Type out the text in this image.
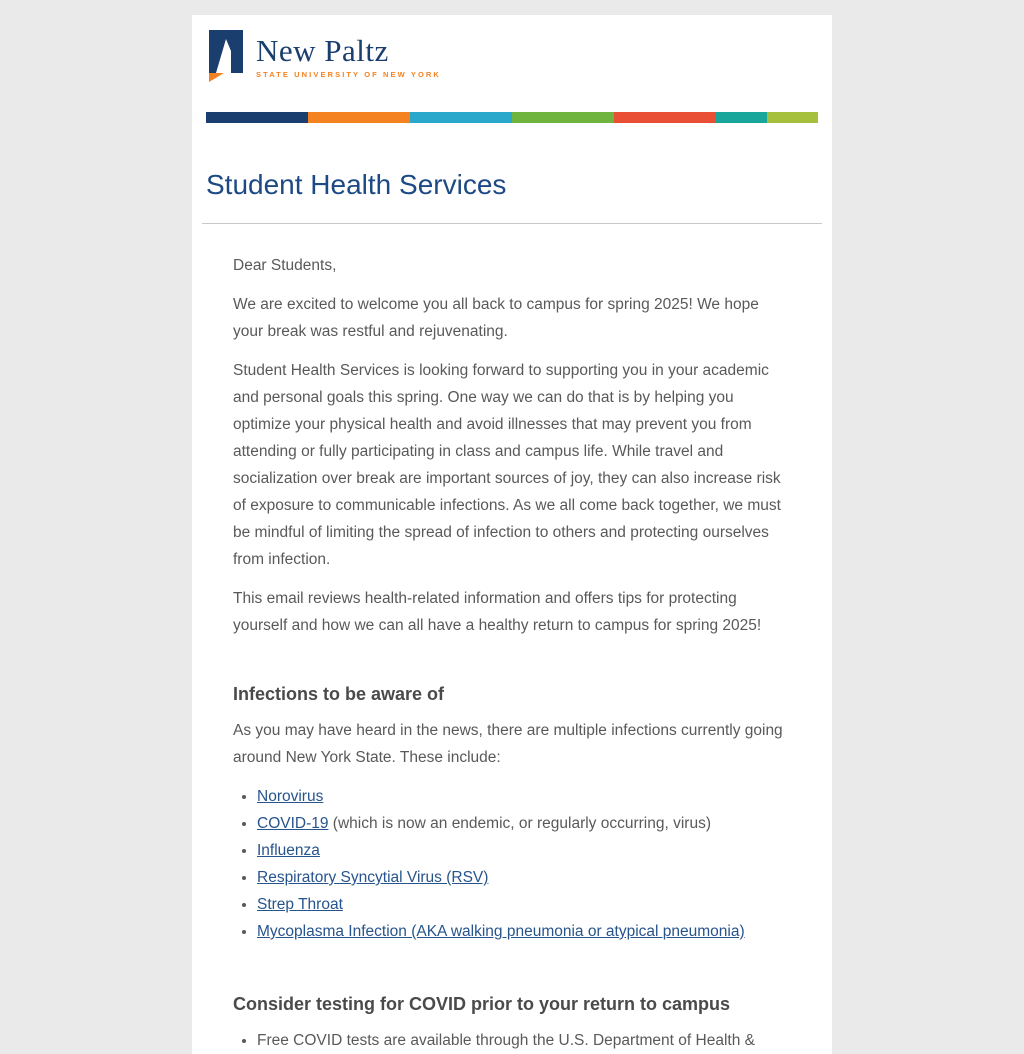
New Paltz
STATE UNIVERSITY OF NEW YORK
Student Health Services

Dear Students,

We are excited to welcome you all back to campus for spring 2025! We hope your break was restful and rejuvenating.

Student Health Services is looking forward to supporting you in your academic and personal goals this spring. One way we can do that is by helping you optimize your physical health and avoid illnesses that may prevent you from attending or fully participating in class and campus life. While travel and socialization over break are important sources of joy, they can also increase risk of exposure to communicable infections. As we all come back together, we must be mindful of limiting the spread of infection to others and protecting ourselves from infection.

This email reviews health-related information and offers tips for protecting yourself and how we can all have a healthy return to campus for spring 2025!

Infections to be aware of

As you may have heard in the news, there are multiple infections currently going around New York State. These include:

• Norovirus
• COVID-19 (which is now an endemic, or regularly occurring, virus)
• Influenza
• Respiratory Syncytial Virus (RSV)
• Strep Throat
• Mycoplasma Infection (AKA walking pneumonia or atypical pneumonia)
Consider testing for COVID prior to your return to campus
• Free COVID tests are available through the U.S. Department of Health &
